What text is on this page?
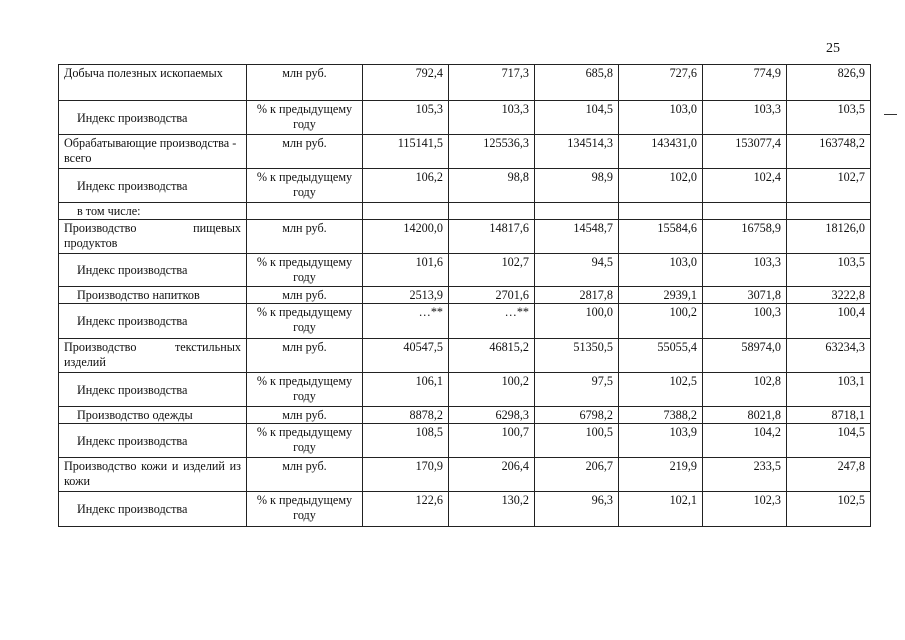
25
Добыча полезных ископаемых	млн руб.	792,4	717,3	685,8	727,6	774,9	826,9
Индекс производства	% к предыдущему году	105,3	103,3	104,5	103,0	103,3	103,5
Обрабатывающие производства - всего	млн руб.	115141,5	125536,3	134514,3	143431,0	153077,4	163748,2
Индекс производства	% к предыдущему году	106,2	98,8	98,9	102,0	102,4	102,7
в том числе:							
Производство пищевых продуктов	млн руб.	14200,0	14817,6	14548,7	15584,6	16758,9	18126,0
Индекс производства	% к предыдущему году	101,6	102,7	94,5	103,0	103,3	103,5
Производство напитков	млн руб.	2513,9	2701,6	2817,8	2939,1	3071,8	3222,8
Индекс производства	% к предыдущему году	…**	…**	100,0	100,2	100,3	100,4
Производство текстильных изделий	млн руб.	40547,5	46815,2	51350,5	55055,4	58974,0	63234,3
Индекс производства	% к предыдущему году	106,1	100,2	97,5	102,5	102,8	103,1
Производство одежды	млн руб.	8878,2	6298,3	6798,2	7388,2	8021,8	8718,1
Индекс производства	% к предыдущему году	108,5	100,7	100,5	103,9	104,2	104,5
Производство кожи и изделий из кожи	млн руб.	170,9	206,4	206,7	219,9	233,5	247,8
Индекс производства	% к предыдущему году	122,6	130,2	96,3	102,1	102,3	102,5
